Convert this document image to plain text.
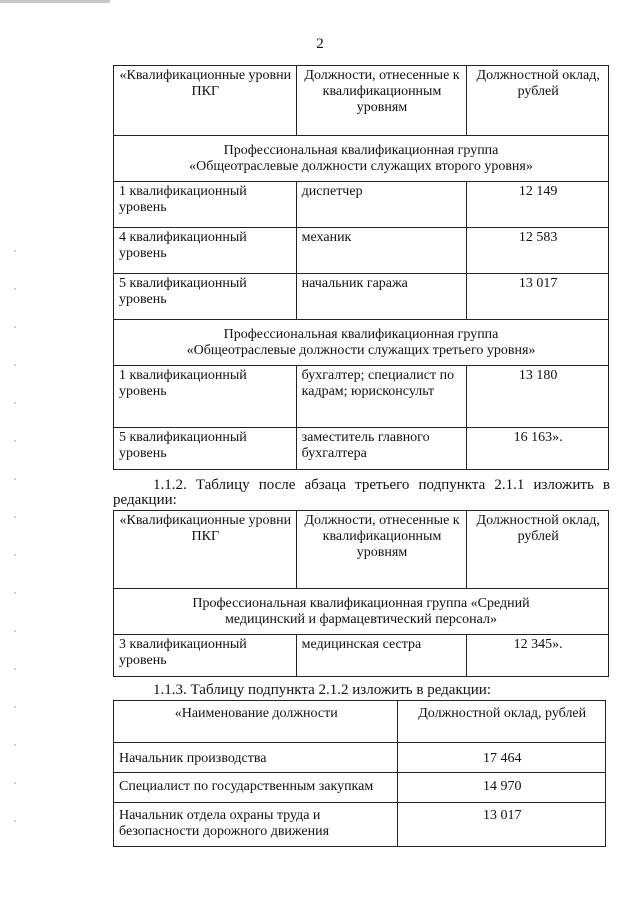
2
«Квалификационные уровни ПКГ	Должности, отнесенные к квалификационным уровням	Должностной оклад, рублей
Профессиональная квалификационная группа «Общеотраслевые должности служащих второго уровня»		
1 квалификационный уровень	диспетчер	12 149
4 квалификационный уровень	механик	12 583
5 квалификационный уровень	начальник гаража	13 017
Профессиональная квалификационная группа «Общеотраслевые должности служащих третьего уровня»		
1 квалификационный уровень	бухгалтер; специалист по кадрам; юрисконсульт	13 180
5 квалификационный уровень	заместитель главного бухгалтера	16 163».
1.1.2. Таблицу после абзаца третьего подпункта 2.1.1 изложить в редакции:
«Квалификационные уровни ПКГ	Должности, отнесенные к квалификационным уровням	Должностной оклад, рублей
Профессиональная квалификационная группа «Средний медицинский и фармацевтический персонал»		
3 квалификационный уровень	медицинская сестра	12 345».
1.1.3. Таблицу подпункта 2.1.2 изложить в редакции:
«Наименование должности	Должностной оклад, рублей
Начальник производства	17 464
Специалист по государственным закупкам	14 970
Начальник отдела охраны труда и безопасности дорожного движения	13 017
